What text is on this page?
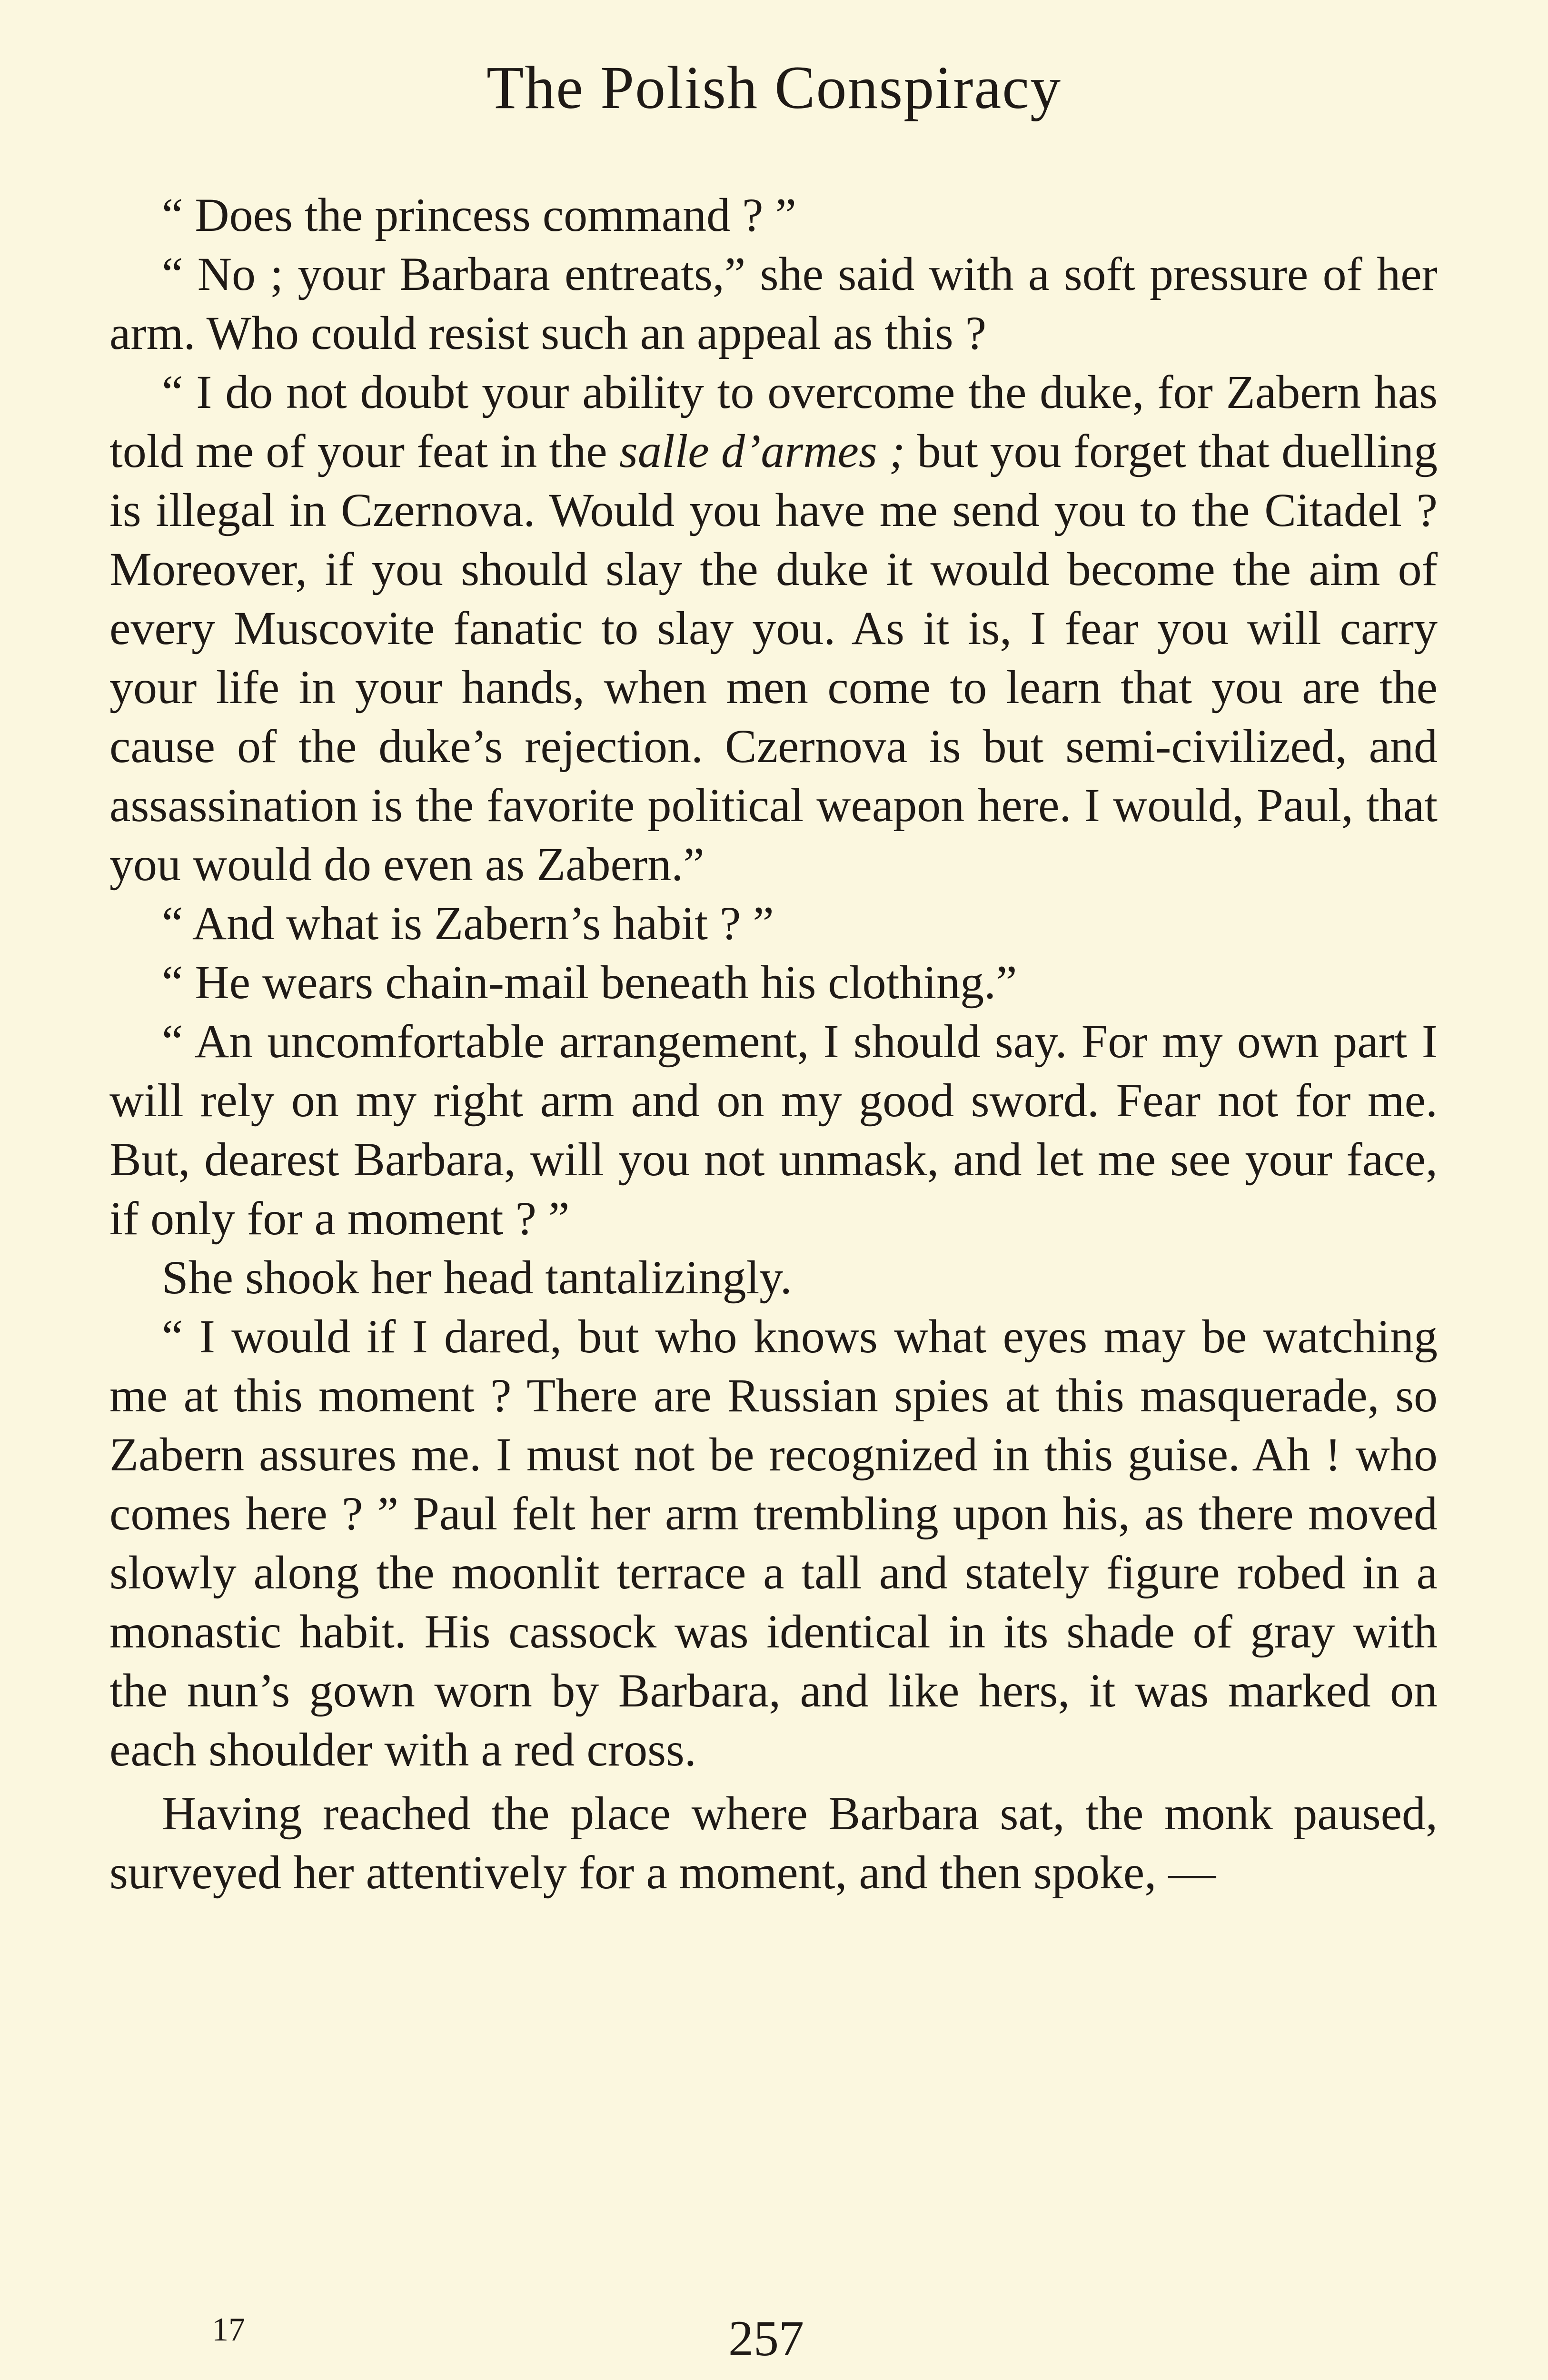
The Polish Conspiracy

“ Does the princess command ? ”

“ No ; your Barbara entreats,” she said with a soft pressure of her arm. Who could resist such an appeal as this ?

“ I do not doubt your ability to overcome the duke, for Zabern has told me of your feat in the salle d’armes ; but you forget that duelling is illegal in Czernova. Would you have me send you to the Citadel ? Moreover, if you should slay the duke it would become the aim of every Muscovite fanatic to slay you. As it is, I fear you will carry your life in your hands, when men come to learn that you are the cause of the duke’s rejection. Czernova is but semi-civilized, and assassination is the favorite political weapon here. I would, Paul, that you would do even as Zabern.”

“ And what is Zabern’s habit ? ”

“ He wears chain-mail beneath his clothing.”

“ An uncomfortable arrangement, I should say. For my own part I will rely on my right arm and on my good sword. Fear not for me. But, dearest Barbara, will you not unmask, and let me see your face, if only for a moment ? ”

She shook her head tantalizingly.

“ I would if I dared, but who knows what eyes may be watching me at this moment ? There are Russian spies at this masquerade, so Zabern assures me. I must not be recognized in this guise. Ah ! who comes here ? ” Paul felt her arm trembling upon his, as there moved slowly along the moonlit terrace a tall and stately figure robed in a monastic habit. His cassock was identical in its shade of gray with the nun’s gown worn by Barbara, and like hers, it was marked on each shoulder with a red cross.

Having reached the place where Barbara sat, the monk paused, surveyed her attentively for a moment, and then spoke, —

17	257
